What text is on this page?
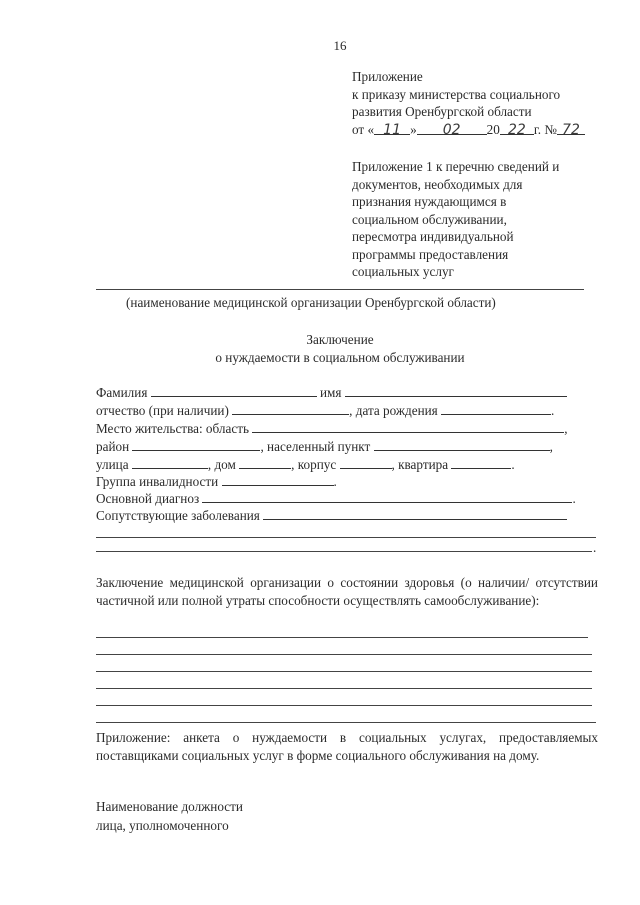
16
Приложение
к приказу министерства социального
развития Оренбургской области
от « 11 » 02 20 22 г. № 72
Приложение 1 к перечню сведений и
документов, необходимых для
признания нуждающимся в
социальном обслуживании,
пересмотра индивидуальной
программы предоставления
социальных услуг
(наименование медицинской организации Оренбургской области)
Заключение
о нуждаемости в социальном обслуживании
Фамилия	имя
отчество (при наличии)	, дата рождения	.
Место жительства: область	,
район	, населенный пункт	,
улица	, дом	, корпус	, квартира	.
Группа инвалидности	.
Основной диагноз	.
Сопутствующие заболевания
.
Заключение медицинской организации о состоянии здоровья (о наличии/ отсутствии частичной или полной утраты способности осуществлять самообслуживание):
Приложение: анкета о нуждаемости в социальных услугах, предоставляемых поставщиками социальных услуг в форме социального обслуживания на дому.
Наименование должности
лица, уполномоченного
